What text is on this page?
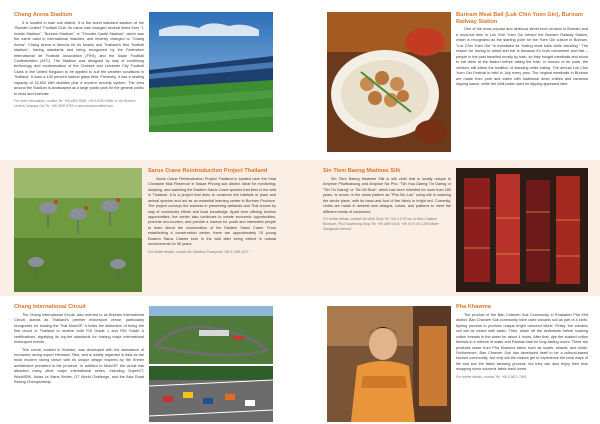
Chang Arena Stadium

It is located in Isan sub district. It is the world standard stadium of the "Buriram United" Football Club. Its name was changed several times from "I-mobile Stadium", "Buriram Stadium", or "Thunder Castle Stadium", which was the name used in international matches, and recently changed to "Chang Arena". Chang Arena is famous for its beauty and Thailand's first "football stadium", having standards and being recognized by the Federation International de Football Association (FIFA) and the Asian Football Confederation (AFC). The Stadium was designed by way of combining technology and modernization of the Chelsea and Leicester City Football Clubs in the United Kingdom to be applied to suit the weather conditions in Thailand. It uses a 100 percent natural grass field. Presently, it has a seating capacity of 32,600 with facilities plus a modern security system. The area around the Stadium is landscaped as a large public park for the general public to relax and exercise.

For more information, contact Tel. +66 4460 8445, +66 9 6110 0988, or Via Buriram United Company Ltd Tel. +66 2658 5783 or www.buriramunited.com
Buriram Meat Ball (Luk Chin Yuen Gin), Buriram Railway Station

One of the most popular and delicious street food vendors in Buriram and a must-eat item is Luk Chin Yuen Gin behind the Buriram Railway Station, which is recognized as the starting point for the Yuen Gin culture in Buriram. "Luk Chin Yuen Gin" is translated as "eating meat balls while standing." The reason for having to stand and eat is because it's both convenient and fast – people in the past travelled mostly by train, so they bought meatballs and stood to eat them at the station before taking the train. In honour of its roots, the vendors still follow the tradition of standing while eating. The annual Luk Chin Yuen Gin Festival is held in July every year. The original meatballs in Buriram are made from pork and eaten with traditional dried chillies and tamarind dipping sauce, while the chilli paste used for dipping appeared later.

Sarus Crane Reintroduction Project Thailand

Sarus Crane Reintroduction Project Thailand is located near the Huai Chorakhe Mak Reservoir in Sakae Phrong sub district. Ideal for monitoring, studying, and watching the Eastern Sarus Crane species that lives in the wild in Thailand. It is a project that aims to conserve the habitats of plant and animal species and act as an essential learning center in Buriram Province. The project conveys the success in preserving wetlands and Thai cranes by way of community efforts and local knowledge. Apart from offering tourism opportunities, the center also continues to create economic opportunities, promote eco-tourism, and provide a chance for youth and interested people to learn about the conservation of the Eastern Sarus Crane. From establishing a conservation center, there are approximately 15 young Eastern Sarus Cranes born in the wild after being extinct in natural environments for 50 years.

For further details, contact Ms Siriwimol Prasopnetr +66 8 1086 4227
Sin Tiem Baeng Madmee Silk

Sin Tiem Baeng Madmee Silk is silk cloth that is locally unique to Amphoe Phutthaisong and Amphoe Na Pho. "Sin Hua Daeng Tin Daeng or "Sin Tin Daeng" or "Sin Mi Ruai", which has been inherited for more than 200 years, is woven in the same pattern as "Pha Sin Lao" using silk in weaving the whole piece, with its head and foot of the fabric in bright red. Currently, cloths are made in several new designs, colors, and patterns to meet the different needs of customers.

For further details, contact Na Whai Shop Tel. +66 4 4 79 xxx or Miss Chatkun Buntoum, Phut Suanthong Shop Tel. +66 4469 0044, +66 9 0 6 00 4 256 Mister Siangbuan Jaennoi
Chang International Circuit

The Chang International Circuit, also referred to as Buriram International Circuit, stands as Thailand's premier motorsport venue, particularly recognized for hosting the Thai MotoGP. It holds the distinction of being the first circuit in Thailand to receive both FIA Grade 1 and FIM Grade A certifications, signifying its top-tier standards for hosting major international motorsport events.

This circuit, located in Buriram, was developed with the assistance of renowned racing expert Hermann Tilke, and is widely regarded in Asia as the most modern racing venue with its unique design inspired by the Khmer architecture prevalent in the province. In addition to MotoGP, the circuit has attracted many other major international series, including SuperGT, WorldSBK, Asian Le Mans Series, GT World Challenge, and the Asia Road Racing Championship.

Pha Khawma

The product of the Ban Charoen Suk Community in Ehakasim Pha Khit district. Ban Charoen Suk community have used volcanic soil as part of a cloth-dyeing process to produce unique bright coloured fabric. Firstly, the volcanic soil will be mixed with water. Then, strain off the sediments before soaking cotton threads in the water for about 4 hours. After that, dye the soaked cotton threads in a mixture of water and Padauk bark for long-lasting colors. There are products made from Pha Khawma fabric such as scarfs, shawls, and shirts. Furthermore, Ban Charoen Suk has developed itself to be a cultural-based tourism community. Not only will the visitors get to experience the local ways of life and see the fabric weaving process, but they can also enjoy their time shopping some souvenir fabric back home.

For further details, contact Tel. +66 8 9821 7965
